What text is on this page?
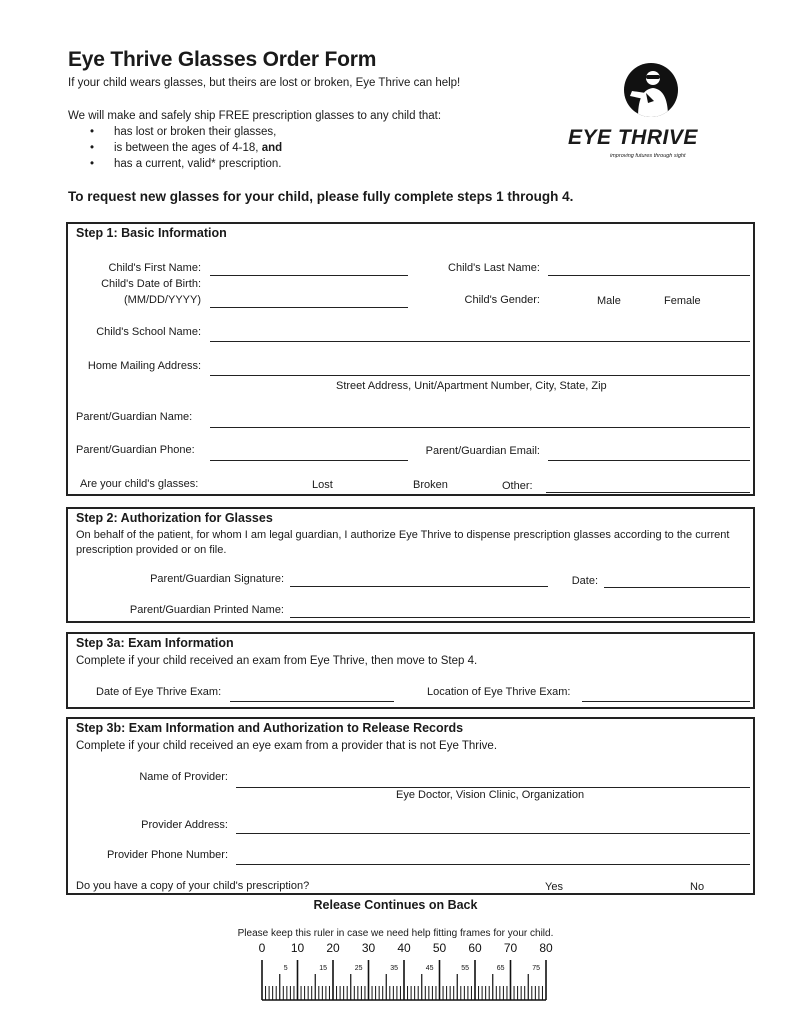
Eye Thrive Glasses Order Form
If your child wears glasses, but theirs are lost or broken, Eye Thrive can help!
We will make and safely ship FREE prescription glasses to any child that:
• has lost or broken their glasses,
• is between the ages of 4-18, and
• has a current, valid* prescription.
EYE THRIVE
improving futures through sight
To request new glasses for your child, please fully complete steps 1 through 4.
Step 1: Basic Information
Child's First Name:	Child's Last Name:
Child's Date of Birth:
(MM/DD/YYYY)	Child's Gender:	Male	Female
Child's School Name:
Home Mailing Address:
Street Address, Unit/Apartment Number, City, State, Zip
Parent/Guardian Name:
Parent/Guardian Phone:	Parent/Guardian Email:
Are your child's glasses:	Lost	Broken	Other:
Step 2: Authorization for Glasses
On behalf of the patient, for whom I am legal guardian, I authorize Eye Thrive to dispense prescription glasses according to the current prescription provided or on file.
Parent/Guardian Signature:	Date:
Parent/Guardian Printed Name:
Step 3a: Exam Information
Complete if your child received an exam from Eye Thrive, then move to Step 4.
Date of Eye Thrive Exam:	Location of Eye Thrive Exam:
Step 3b: Exam Information and Authorization to Release Records
Complete if your child received an eye exam from a provider that is not Eye Thrive.
Name of Provider:
Eye Doctor, Vision Clinic, Organization
Provider Address:
Provider Phone Number:
Do you have a copy of your child's prescription?	Yes	No
Release Continues on Back
Please keep this ruler in case we need help fitting frames for your child.
0 10 20 30 40 50 60 70 80
5	15	25	35	45	55	65	75
